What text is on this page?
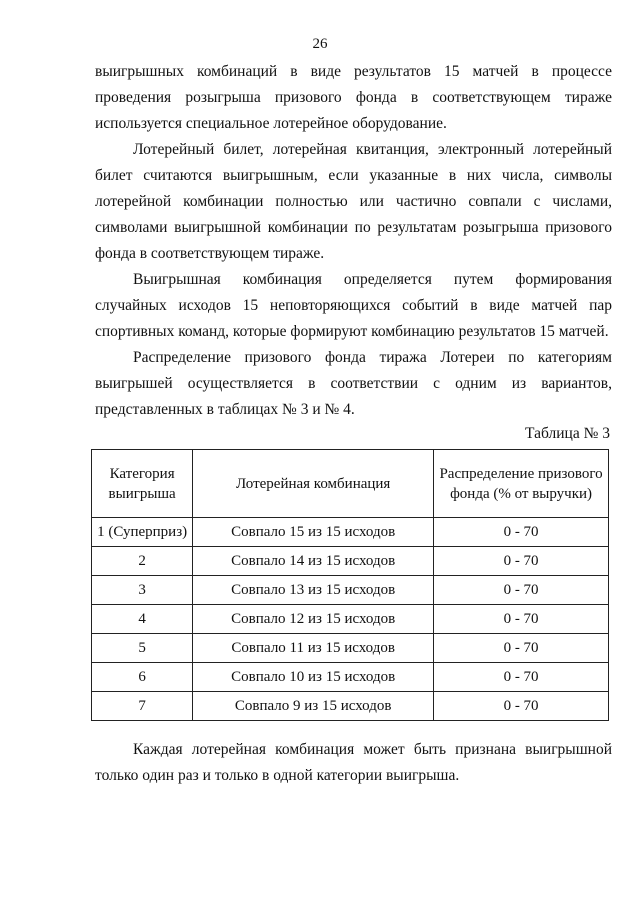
26

выигрышных комбинаций в виде результатов 15 матчей в процессе проведения розыгрыша призового фонда в соответствующем тираже используется специальное лотерейное оборудование.

Лотерейный билет, лотерейная квитанция, электронный лотерейный билет считаются выигрышным, если указанные в них числа, символы лотерейной комбинации полностью или частично совпали с числами, символами выигрышной комбинации по результатам розыгрыша призового фонда в соответствующем тираже.

Выигрышная комбинация определяется путем формирования случайных исходов 15 неповторяющихся событий в виде матчей пар спортивных команд, которые формируют комбинацию результатов 15 матчей.

Распределение призового фонда тиража Лотереи по категориям выигрышей осуществляется в соответствии с одним из вариантов, представленных в таблицах № 3 и № 4.

Таблица № 3
Категория выигрыша	Лотерейная комбинация	Распределение призового фонда (% от выручки)
1 (Суперприз)	Совпало 15 из 15 исходов	0 - 70
2	Совпало 14 из 15 исходов	0 - 70
3	Совпало 13 из 15 исходов	0 - 70
4	Совпало 12 из 15 исходов	0 - 70
5	Совпало 11 из 15 исходов	0 - 70
6	Совпало 10 из 15 исходов	0 - 70
7	Совпало 9 из 15 исходов	0 - 70

Каждая лотерейная комбинация может быть признана выигрышной только один раз и только в одной категории выигрыша.
